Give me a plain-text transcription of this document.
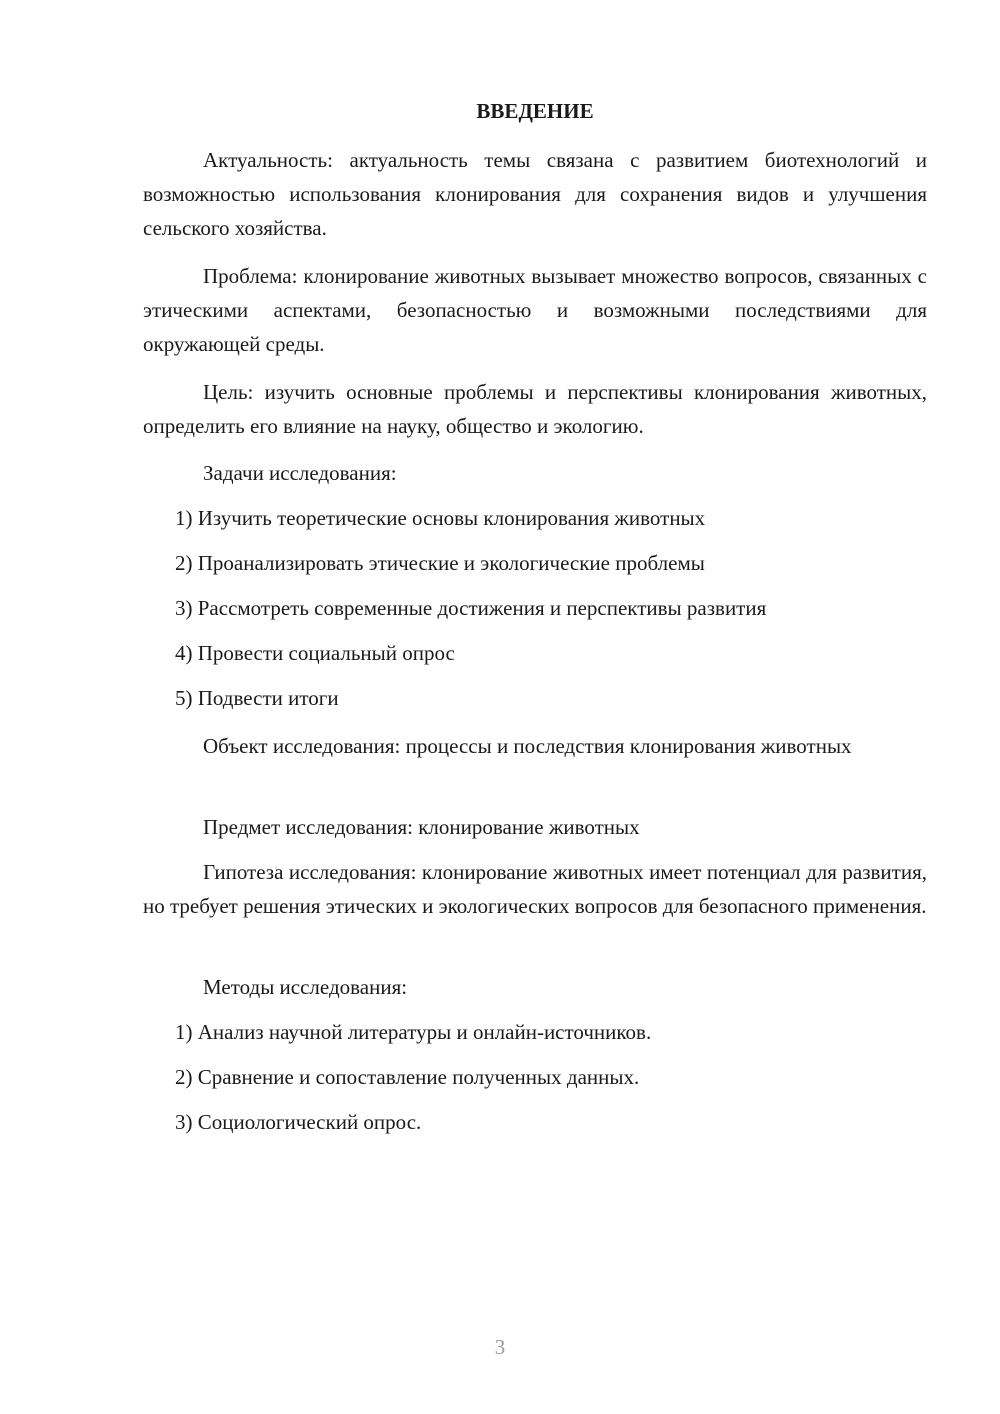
ВВЕДЕНИЕ

Актуальность: актуальность темы связана с развитием биотехнологий и возможностью использования клонирования для сохранения видов и улучшения сельского хозяйства.

Проблема: клонирование животных вызывает множество вопросов, связанных с этическими аспектами, безопасностью и возможными последствиями для окружающей среды.

Цель: изучить основные проблемы и перспективы клонирования животных, определить его влияние на науку, общество и экологию.

Задачи исследования:

1) Изучить теоретические основы клонирования животных

2) Проанализировать этические и экологические проблемы

3) Рассмотреть современные достижения и перспективы развития

4) Провести социальный опрос

5) Подвести итоги

Объект исследования: процессы и последствия клонирования животных

Предмет исследования: клонирование животных

Гипотеза исследования: клонирование животных имеет потенциал для развития, но требует решения этических и экологических вопросов для безопасного применения.

Методы исследования:

1) Анализ научной литературы и онлайн-источников.

2) Сравнение и сопоставление полученных данных.

3) Социологический опрос.

3
